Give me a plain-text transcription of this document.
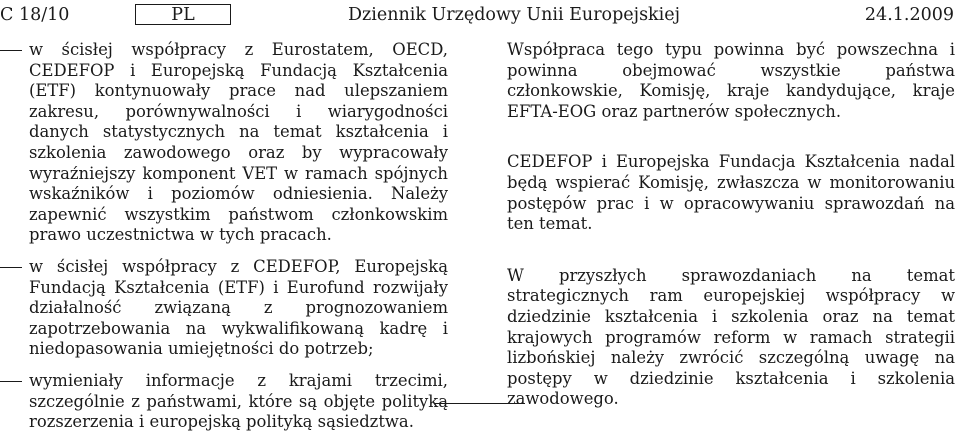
C 18/10	PL	Dziennik Urzędowy Unii Europejskiej	24.1.2009
w ścisłej współpracy z Eurostatem, OECD, CEDEFOP i Europejską Fundacją Kształcenia (ETF) kontynuowały prace nad ulepszaniem zakresu, porównywalności i wiarygodności danych statystycznych na temat kształcenia i szkolenia zawodowego oraz by wypracowały wyraźniejszy komponent VET w ramach spójnych wskaźników i poziomów odniesienia. Należy zapewnić wszystkim państwom członkowskim prawo uczestnictwa w tych pracach.
w ścisłej współpracy z CEDEFOP, Europejską Fundacją Kształcenia (ETF) i Eurofund rozwijały działalność związaną z prognozowaniem zapotrzebowania na wykwalifikowaną kadrę i niedopasowania umiejętności do potrzeb;
wymieniały informacje z krajami trzecimi, szczególnie z państwami, które są objęte polityką rozszerzenia i europejską polityką sąsiedztwa.

Współpraca tego typu powinna być powszechna i powinna obejmować wszystkie państwa członkowskie, Komisję, kraje kandydujące, kraje EFTA-EOG oraz partnerów społecznych.

CEDEFOP i Europejska Fundacja Kształcenia nadal będą wspierać Komisję, zwłaszcza w monitorowaniu postępów prac i w opracowywaniu sprawozdań na ten temat.

W przyszłych sprawozdaniach na temat strategicznych ram europejskiej współpracy w dziedzinie kształcenia i szkolenia oraz na temat krajowych programów reform w ramach strategii lizbońskiej należy zwrócić szczególną uwagę na postępy w dziedzinie kształcenia i szkolenia zawodowego.
